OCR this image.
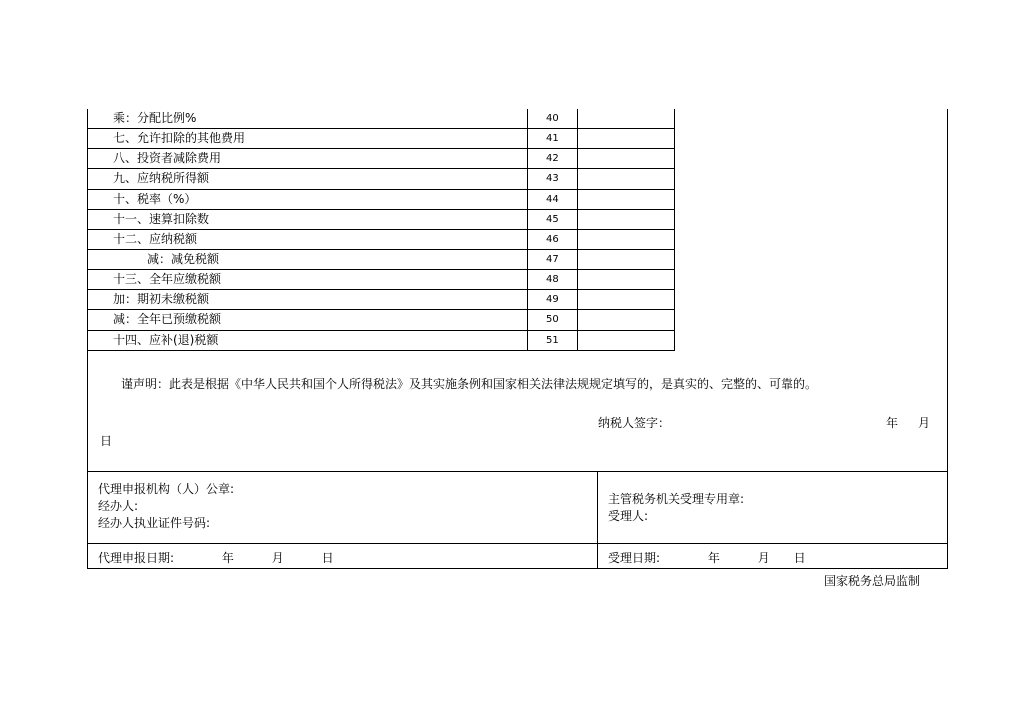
乘：分配比例%	40	
七、允许扣除的其他费用	41	
八、投资者减除费用	42	
九、应纳税所得额	43	
十、税率（%）	44	
十一、速算扣除数	45	
十二、应纳税额	46	
减：减免税额	47	
十三、全年应缴税额	48	
加：期初未缴税额	49	
减：全年已预缴税额	50	
十四、应补(退)税额	51	
谨声明：此表是根据《中华人民共和国个人所得税法》及其实施条例和国家相关法律法规规定填写的，是真实的、完整的、可靠的。
纳税人签字：	年 月
日
代理申报机构（人）公章:
经办人:
经办人执业证件号码:
主管税务机关受理专用章:
受理人:
代理申报日期:	年	月	日	受理日期:	年	月 日
国家税务总局监制
